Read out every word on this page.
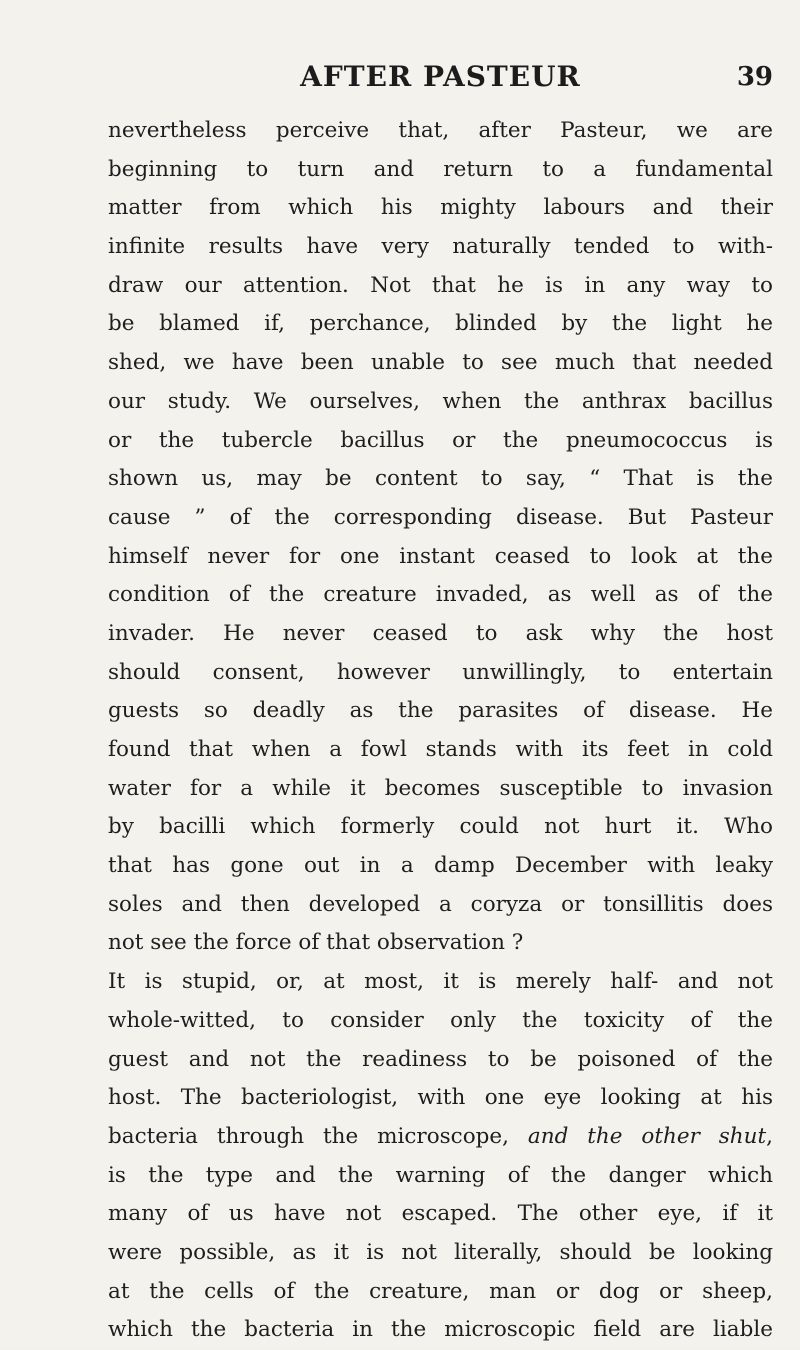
AFTER PASTEUR	39
nevertheless perceive that, after Pasteur, we are
beginning to turn and return to a fundamental
matter from which his mighty labours and their
infinite results have very naturally tended to with-
draw our attention. Not that he is in any way to
be blamed if, perchance, blinded by the light he
shed, we have been unable to see much that needed
our study. We ourselves, when the anthrax bacillus
or the tubercle bacillus or the pneumococcus is
shown us, may be content to say, “ That is the
cause ” of the corresponding disease. But Pasteur
himself never for one instant ceased to look at the
condition of the creature invaded, as well as of the
invader. He never ceased to ask why the host
should consent, however unwillingly, to entertain
guests so deadly as the parasites of disease. He
found that when a fowl stands with its feet in cold
water for a while it becomes susceptible to invasion
by bacilli which formerly could not hurt it. Who
that has gone out in a damp December with leaky
soles and then developed a coryza or tonsillitis does
not see the force of that observation ?
It is stupid, or, at most, it is merely half- and not
whole-witted, to consider only the toxicity of the
guest and not the readiness to be poisoned of the
host. The bacteriologist, with one eye looking at his
bacteria through the microscope, and the other shut,
is the type and the warning of the danger which
many of us have not escaped. The other eye, if it
were possible, as it is not literally, should be looking
at the cells of the creature, man or dog or sheep,
which the bacteria in the microscopic field are liable
